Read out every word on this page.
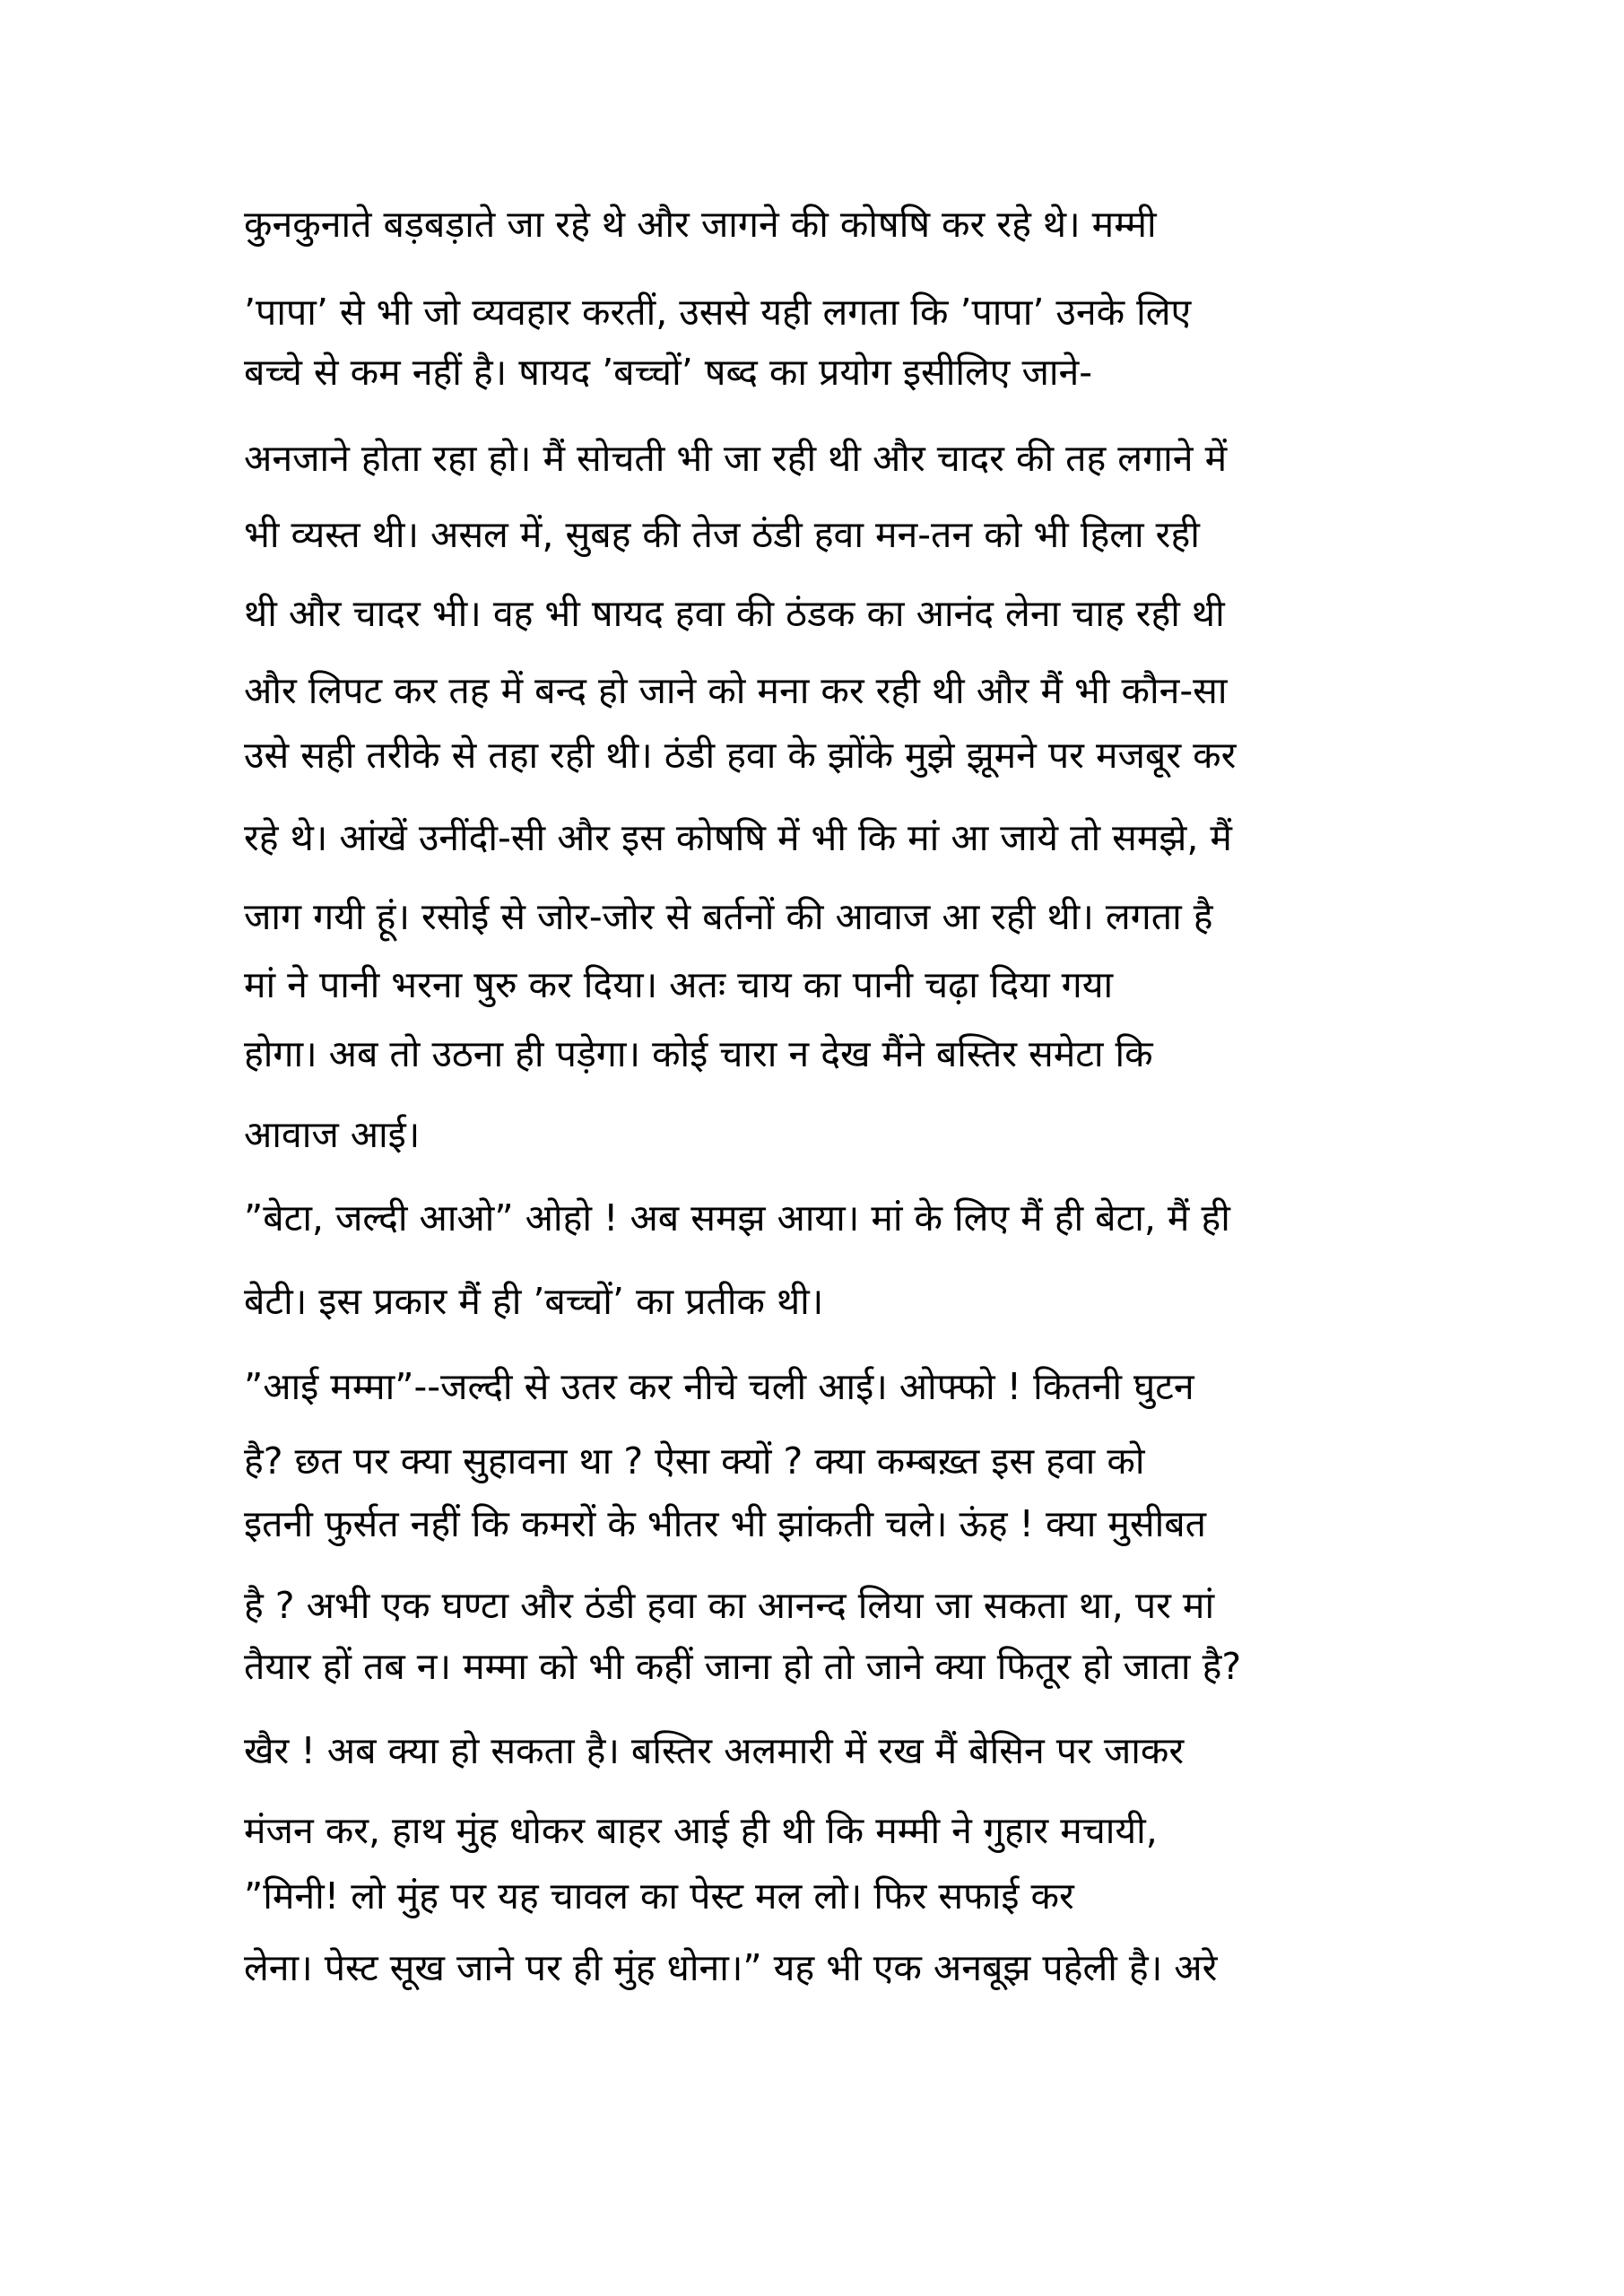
कुनकुनाते बड़बड़ाते जा रहे थे और जागने की कोषषि कर रहे थे। मम्मी
’पापा’ से भी जो व्यवहार करतीं, उससे यही लगता कि ’पापा’ उनके लिए
बच्चे से कम नहीं है। षायद ’बच्चों’ षब्द का प्रयोग इसीलिए जाने-
अनजाने होता रहा हो। मैं सोचती भी जा रही थी और चादर की तह लगाने में
भी व्यस्त थी। असल में, सुबह की तेज ठंडी हवा मन-तन को भी हिला रही
थी और चादर भी। वह भी षायद हवा की ठंडक का आनंद लेना चाह रही थी
और लिपट कर तह में बन्द हो जाने को मना कर रही थी और मैं भी कौन-सा
उसे सही तरीके से तहा रही थी। ठंडी हवा के झोंके मुझे झूमने पर मजबूर कर
रहे थे। आंखें उनींदी-सी और इस कोषषि में भी कि मां आ जाये तो समझे, मैं
जाग गयी हूं। रसोई से जोर-जोर से बर्तनों की आवाज आ रही थी। लगता है
मां ने पानी भरना षुरु कर दिया। अतः चाय का पानी चढ़ा दिया गया
होगा। अब तो उठना ही पड़ेगा। कोई चारा न देख मैंने बस्तिर समेटा कि
आवाज आई।
”बेटा, जल्दी आओ” ओहो ! अब समझ आया। मां के लिए मैं ही बेटा, मैं ही
बेटी। इस प्रकार मैं ही ’बच्चों’ का प्रतीक थी।
”आई मम्मा”--जल्दी से उतर कर नीचे चली आई। ओफ्फो ! कितनी घुटन
है? छत पर क्या सुहावना था ? ऐसा क्यों ? क्या कम्बख़्त इस हवा को
इतनी फुर्सत नहीं कि कमरों के भीतर भी झांकती चले। ऊंह ! क्या मुसीबत
है ? अभी एक घण्टा और ठंडी हवा का आनन्द लिया जा सकता था, पर मां
तैयार हों तब न। मम्मा को भी कहीं जाना हो तो जाने क्या फितूर हो जाता है?
खैर ! अब क्या हो सकता है। बस्तिर अलमारी में रख मैं बेसिन पर जाकर
मंजन कर, हाथ मुंह धोकर बाहर आई ही थी कि मम्मी ने गुहार मचायी,
”मिनी! लो मुंह पर यह चावल का पेस्ट मल लो। फिर सफाई कर
लेना। पेस्ट सूख जाने पर ही मुंह धोना।” यह भी एक अनबूझ पहेली है। अरे
